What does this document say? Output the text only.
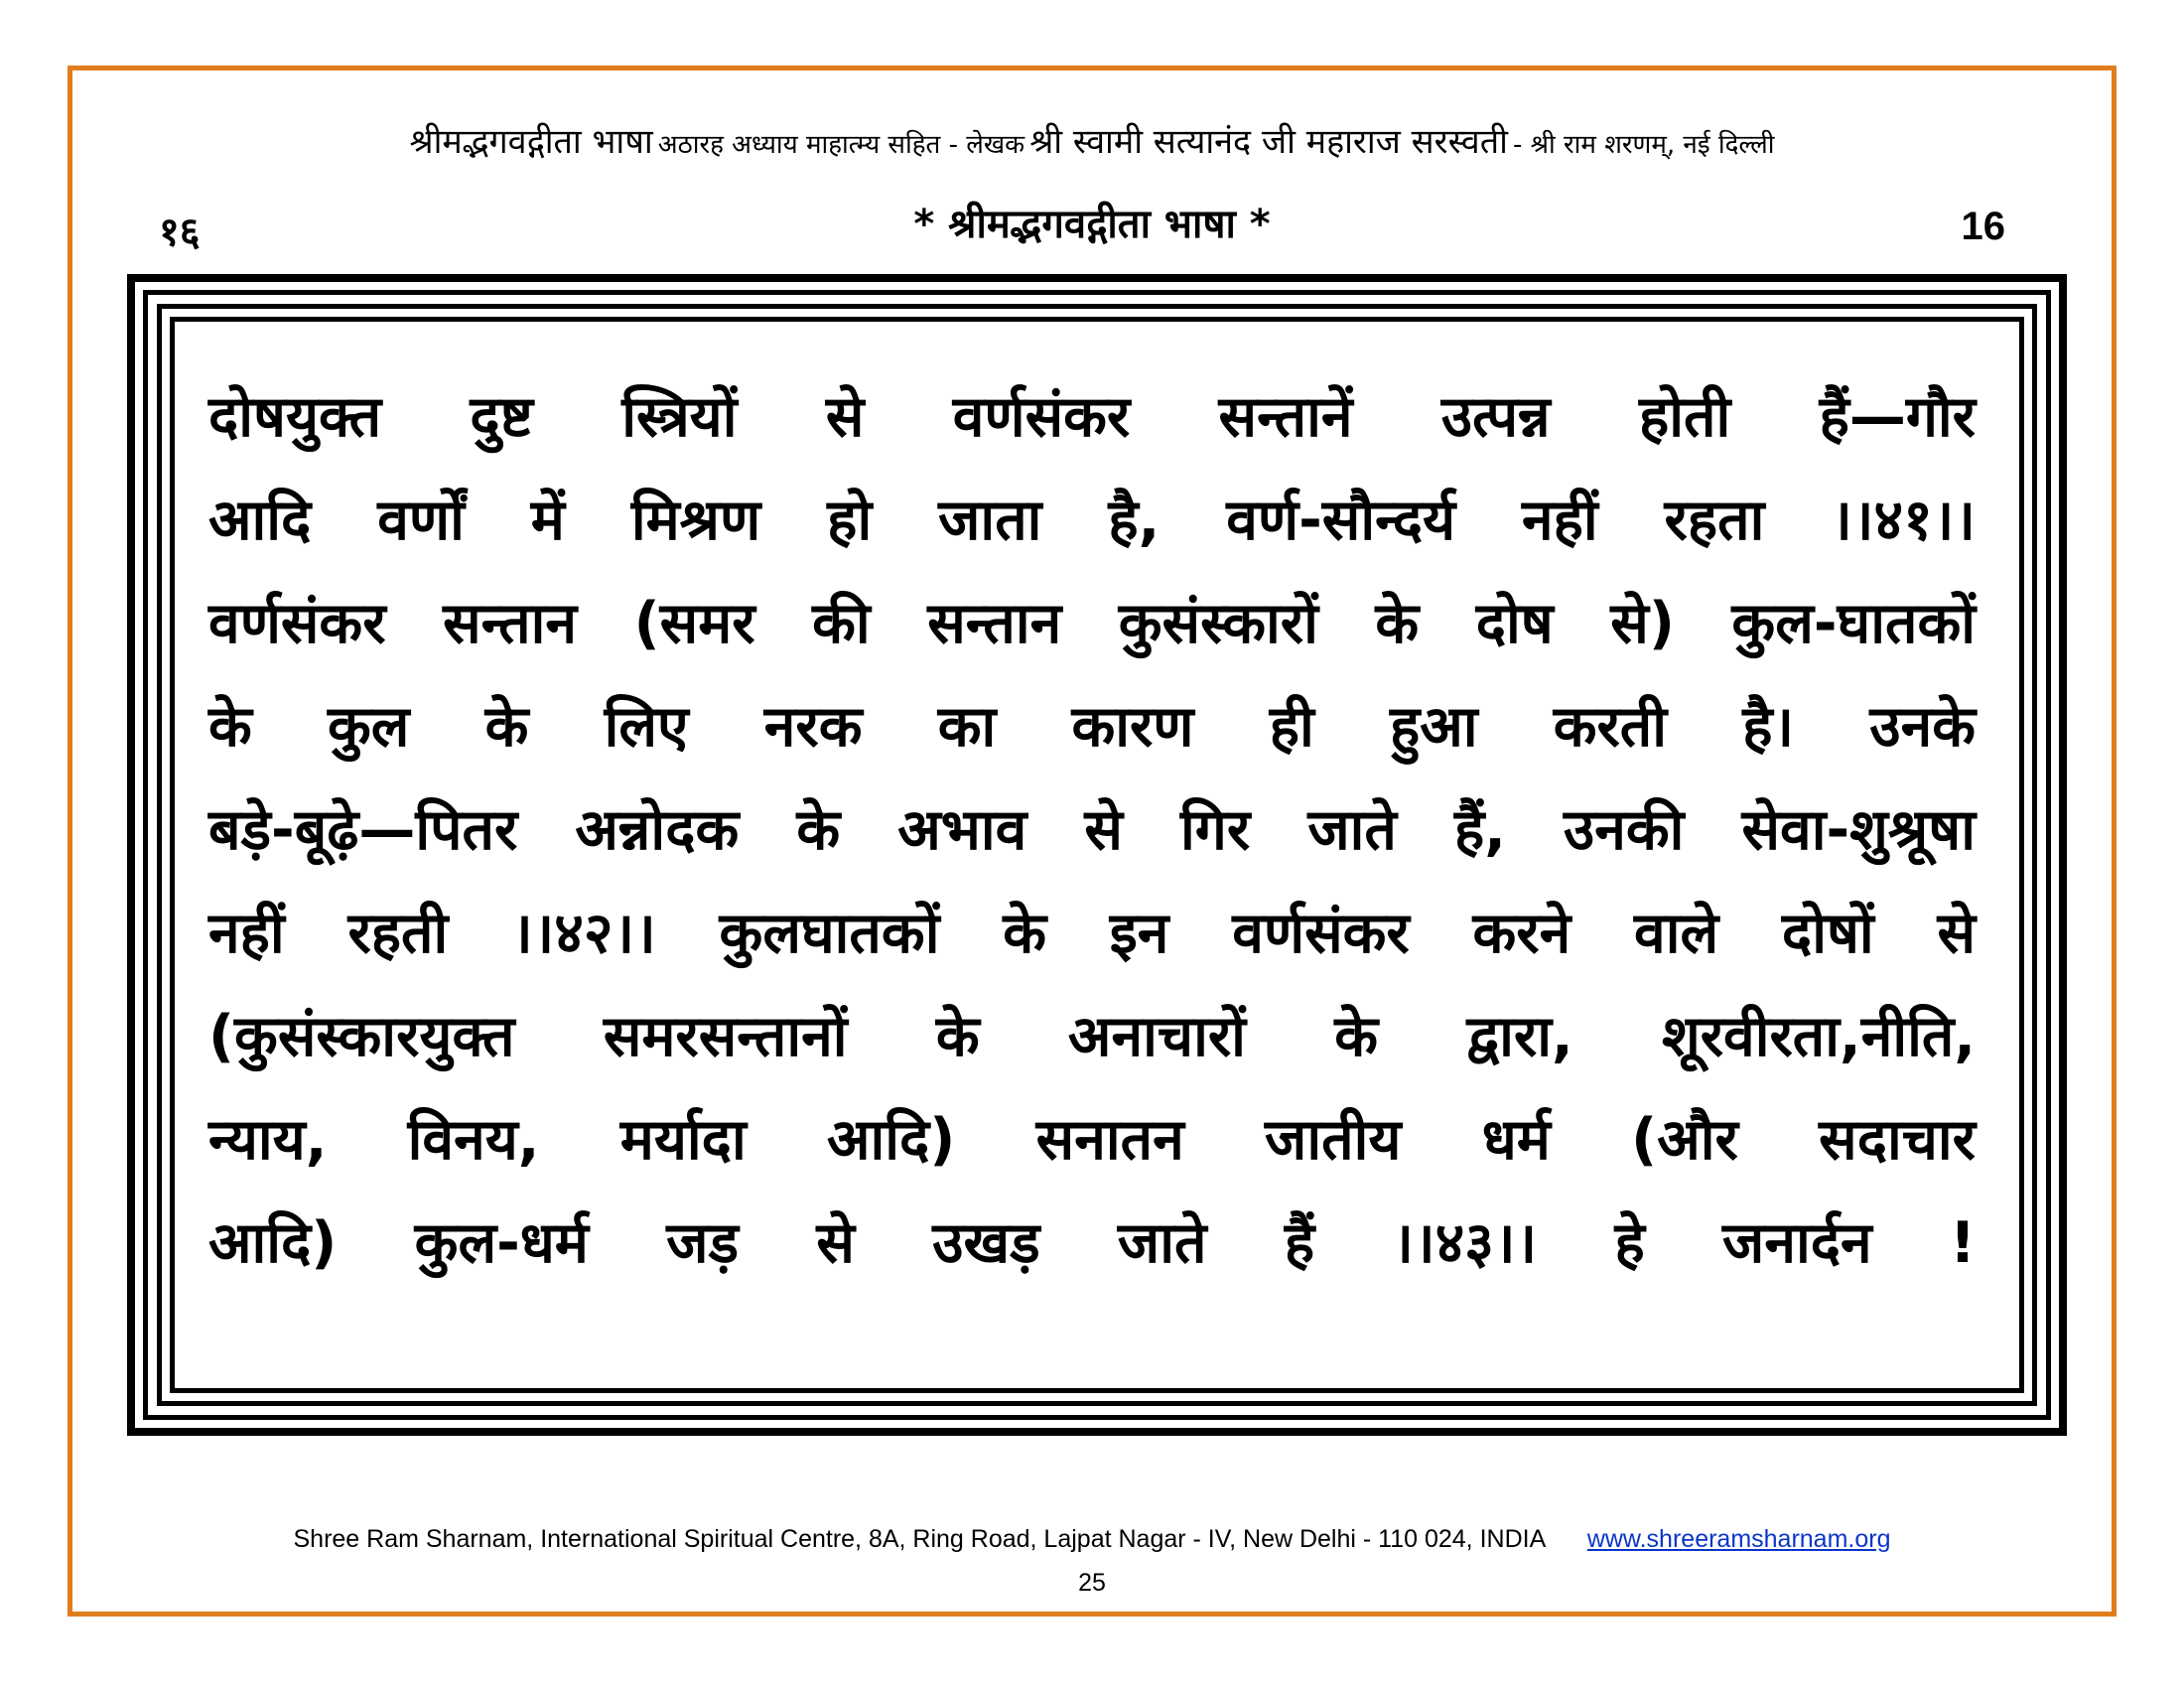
श्रीमद्भगवद्गीता भाषा अठारह अध्याय माहात्म्य सहित - लेखक श्री स्वामी सत्यानंद जी महाराज सरस्वती - श्री राम शरणम्, नई दिल्ली
१६	* श्रीमद्भगवद्गीता भाषा *	16
दोषयुक्त दुष्ट स्त्रियों से वर्णसंकर सन्तानें उत्पन्न होती हैं—गौर
आदि वर्णों में मिश्रण हो जाता है, वर्ण-सौन्दर्य नहीं रहता ।।४१।।
वर्णसंकर सन्तान (समर की सन्तान कुसंस्कारों के दोष से) कुल-घातकों
के कुल के लिए नरक का कारण ही हुआ करती है। उनके
बड़े-बूढ़े—पितर अन्नोदक के अभाव से गिर जाते हैं, उनकी सेवा-शुश्रूषा
नहीं रहती ।।४२।। कुलघातकों के इन वर्णसंकर करने वाले दोषों से
(कुसंस्कारयुक्त समरसन्तानों के अनाचारों के द्वारा, शूरवीरता,नीति,
न्याय, विनय, मर्यादा आदि) सनातन जातीय धर्म (और सदाचार
आदि) कुल-धर्म जड़ से उखड़ जाते हैं ।।४३।। हे जनार्दन !
Shree Ram Sharnam, International Spiritual Centre, 8A, Ring Road, Lajpat Nagar - IV, New Delhi - 110 024, INDIA www.shreeramsharnam.org
25
